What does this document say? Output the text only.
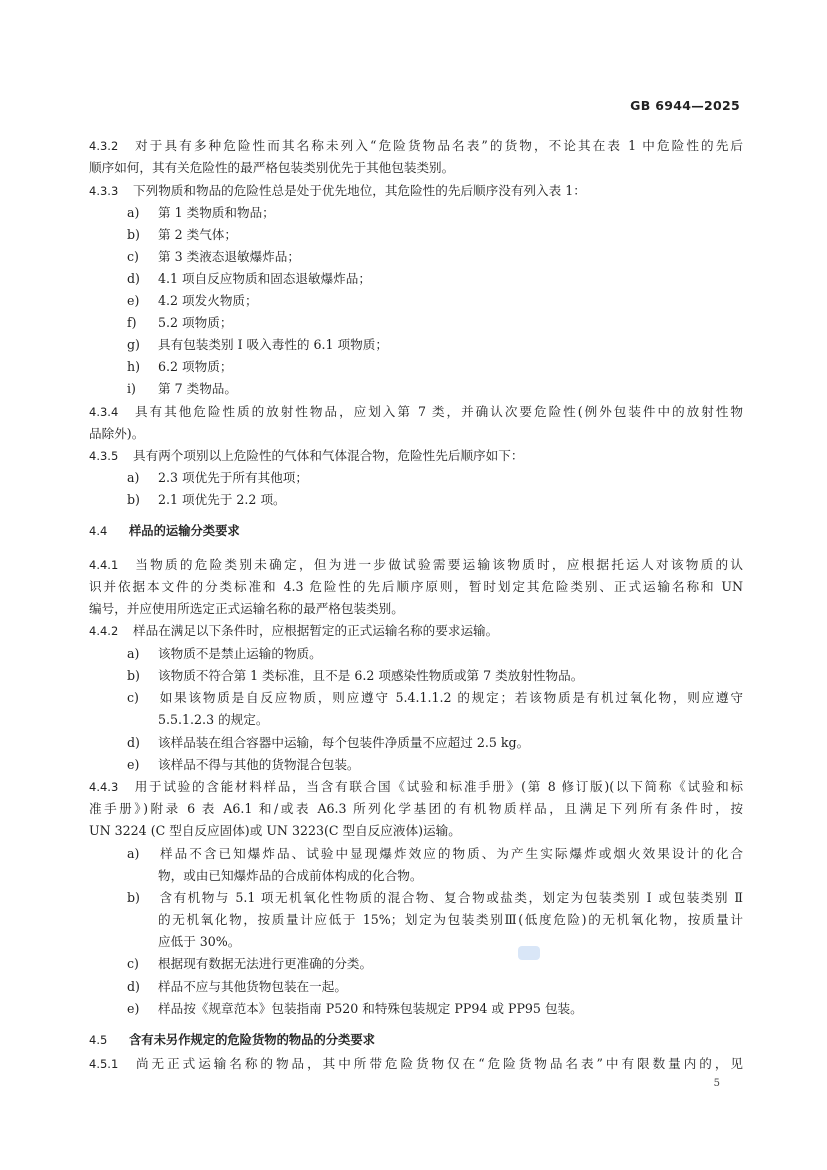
GB 6944—2025
4.3.2 对于具有多种危险性而其名称未列入“危险货物品名表”的货物，不论其在表 1 中危险性的先后
顺序如何，其有关危险性的最严格包装类别优先于其他包装类别。
4.3.3 下列物质和物品的危险性总是处于优先地位，其危险性的先后顺序没有列入表 1：
a) 第 1 类物质和物品；
b) 第 2 类气体；
c) 第 3 类液态退敏爆炸品；
d) 4.1 项自反应物质和固态退敏爆炸品；
e) 4.2 项发火物质；
f) 5.2 项物质；
g) 具有包装类别 Ⅰ 吸入毒性的 6.1 项物质；
h) 6.2 项物质；
i) 第 7 类物品。
4.3.4 具有其他危险性质的放射性物品，应划入第 7 类，并确认次要危险性(例外包装件中的放射性物
品除外)。
4.3.5 具有两个项别以上危险性的气体和气体混合物，危险性先后顺序如下：
a) 2.3 项优先于所有其他项；
b) 2.1 项优先于 2.2 项。
4.4 样品的运输分类要求
4.4.1 当物质的危险类别未确定，但为进一步做试验需要运输该物质时，应根据托运人对该物质的认
识并依据本文件的分类标准和 4.3 危险性的先后顺序原则，暂时划定其危险类别、正式运输名称和 UN
编号，并应使用所选定正式运输名称的最严格包装类别。
4.4.2 样品在满足以下条件时，应根据暂定的正式运输名称的要求运输。
a) 该物质不是禁止运输的物质。
b) 该物质不符合第 1 类标准，且不是 6.2 项感染性物质或第 7 类放射性物品。
c) 如果该物质是自反应物质，则应遵守 5.4.1.1.2 的规定；若该物质是有机过氧化物，则应遵守
5.5.1.2.3 的规定。
d) 该样品装在组合容器中运输，每个包装件净质量不应超过 2.5 kg。
e) 该样品不得与其他的货物混合包装。
4.4.3 用于试验的含能材料样品，当含有联合国《试验和标准手册》(第 8 修订版)(以下简称《试验和标
准手册》)附录 6 表 A6.1 和/或表 A6.3 所列化学基团的有机物质样品，且满足下列所有条件时，按
UN 3224 (C 型自反应固体)或 UN 3223(C 型自反应液体)运输。
a) 样品不含已知爆炸品、试验中显现爆炸效应的物质、为产生实际爆炸或烟火效果设计的化合
物，或由已知爆炸品的合成前体构成的化合物。
b) 含有机物与 5.1 项无机氧化性物质的混合物、复合物或盐类，划定为包装类别 Ⅰ 或包装类别 Ⅱ
的无机氧化物，按质量计应低于 15%；划定为包装类别Ⅲ(低度危险)的无机氧化物，按质量计
应低于 30%。
c) 根据现有数据无法进行更准确的分类。
d) 样品不应与其他货物包装在一起。
e) 样品按《规章范本》包装指南 P520 和特殊包装规定 PP94 或 PP95 包装。
4.5 含有未另作规定的危险货物的物品的分类要求
4.5.1 尚无正式运输名称的物品，其中所带危险货物仅在“危险货物品名表”中有限数量内的，见
5
